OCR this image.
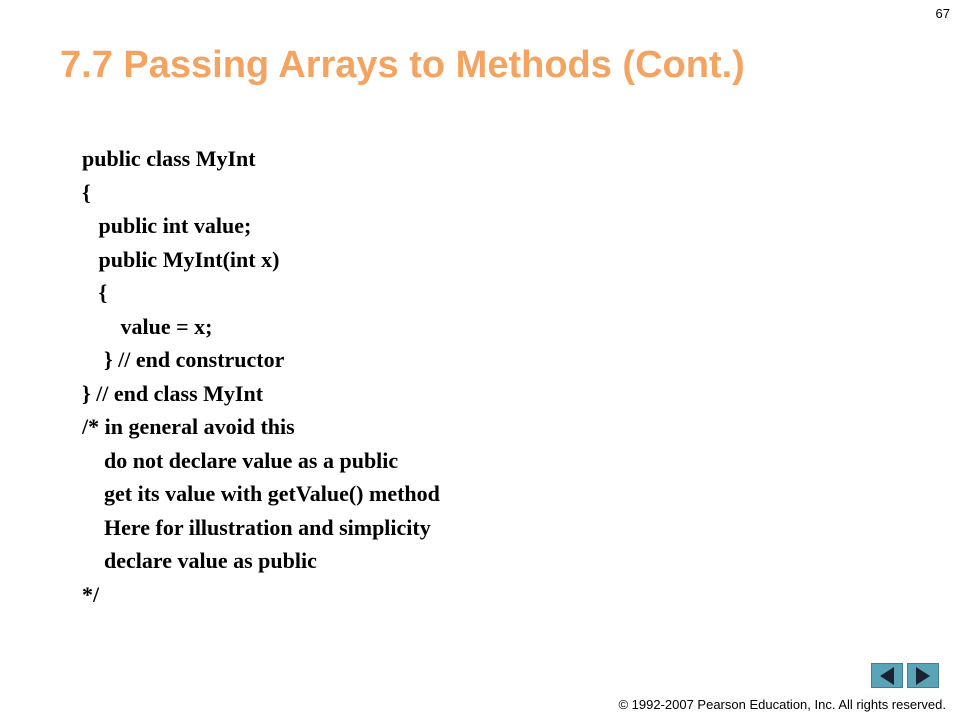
67
7.7 Passing Arrays to Methods (Cont.)
public class MyInt
{
public int value;
public MyInt(int x)
{
value = x;
} // end constructor
} // end class MyInt
/* in general avoid this
do not declare value as a public
get its value with getValue() method
Here for illustration and simplicity
declare value as public
*/
© 1992-2007 Pearson Education, Inc. All rights reserved.
